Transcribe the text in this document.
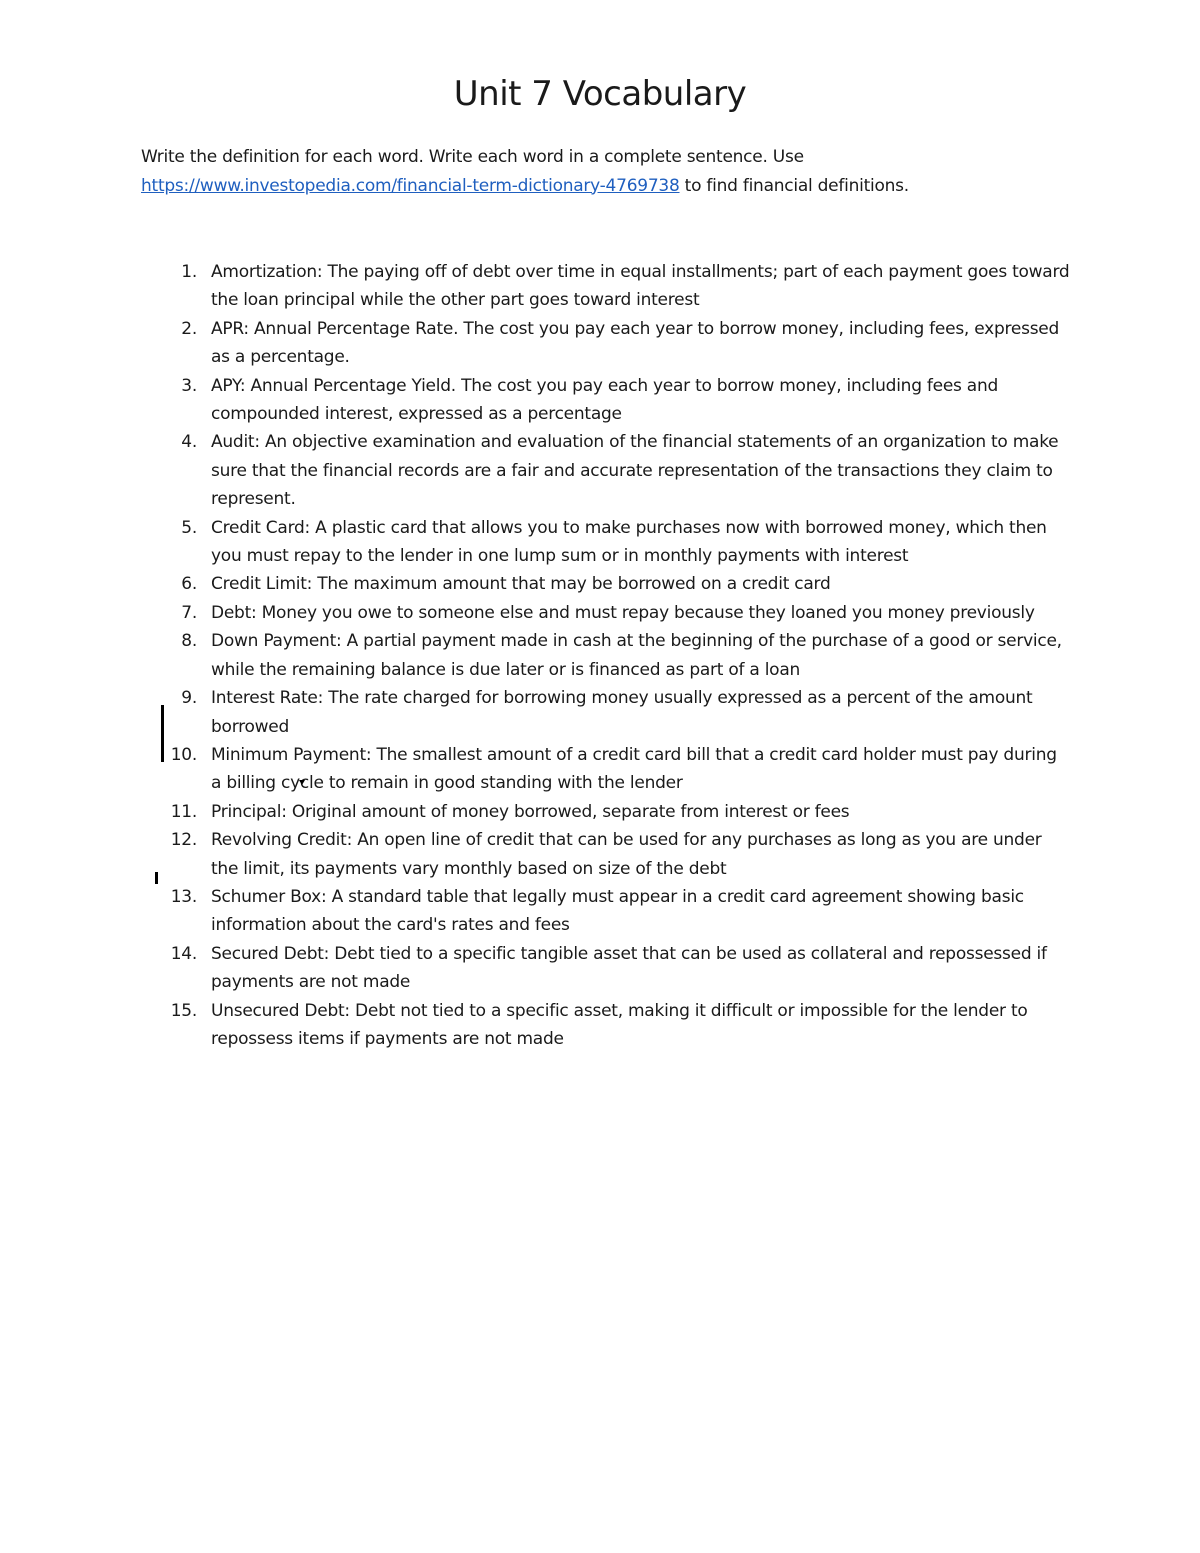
Unit 7 Vocabulary
Write the definition for each word. Write each word in a complete sentence. Use
https://www.investopedia.com/financial-term-dictionary-4769738 to find financial definitions.
1. Amortization: The paying off of debt over time in equal installments; part of each payment goes toward the loan principal while the other part goes toward interest
2. APR: Annual Percentage Rate. The cost you pay each year to borrow money, including fees, expressed as a percentage.
3. APY: Annual Percentage Yield. The cost you pay each year to borrow money, including fees and compounded interest, expressed as a percentage
4. Audit: An objective examination and evaluation of the financial statements of an organization to make sure that the financial records are a fair and accurate representation of the transactions they claim to represent.
5. Credit Card: A plastic card that allows you to make purchases now with borrowed money, which then you must repay to the lender in one lump sum or in monthly payments with interest
6. Credit Limit: The maximum amount that may be borrowed on a credit card
7. Debt: Money you owe to someone else and must repay because they loaned you money previously
8. Down Payment: A partial payment made in cash at the beginning of the purchase of a good or service, while the remaining balance is due later or is financed as part of a loan
9. Interest Rate: The rate charged for borrowing money usually expressed as a percent of the amount borrowed
10. Minimum Payment: The smallest amount of a credit card bill that a credit card holder must pay during a billing cycle to remain in good standing with the lender
11. Principal: Original amount of money borrowed, separate from interest or fees
12. Revolving Credit: An open line of credit that can be used for any purchases as long as you are under the limit, its payments vary monthly based on size of the debt
13. Schumer Box: A standard table that legally must appear in a credit card agreement showing basic information about the card's rates and fees
14. Secured Debt: Debt tied to a specific tangible asset that can be used as collateral and repossessed if payments are not made
15. Unsecured Debt: Debt not tied to a specific asset, making it difficult or impossible for the lender to repossess items if payments are not made
